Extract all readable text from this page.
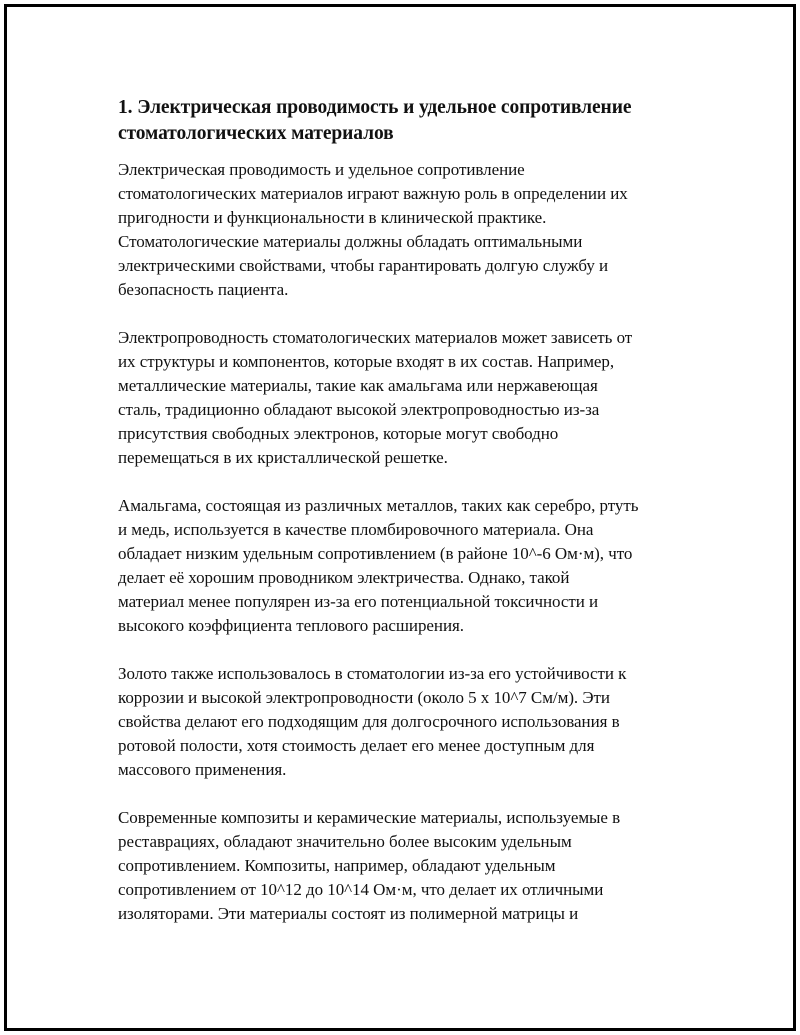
1. Электрическая проводимость и удельное сопротивление
стоматологических материалов

Электрическая проводимость и удельное сопротивление
стоматологических материалов играют важную роль в определении их
пригодности и функциональности в клинической практике.
Стоматологические материалы должны обладать оптимальными
электрическими свойствами, чтобы гарантировать долгую службу и
безопасность пациента.

Электропроводность стоматологических материалов может зависеть от
их структуры и компонентов, которые входят в их состав. Например,
металлические материалы, такие как амальгама или нержавеющая
сталь, традиционно обладают высокой электропроводностью из-за
присутствия свободных электронов, которые могут свободно
перемещаться в их кристаллической решетке.

Амальгама, состоящая из различных металлов, таких как серебро, ртуть
и медь, используется в качестве пломбировочного материала. Она
обладает низким удельным сопротивлением (в районе 10^-6 Ом·м), что
делает её хорошим проводником электричества. Однако, такой
материал менее популярен из-за его потенциальной токсичности и
высокого коэффициента теплового расширения.

Золото также использовалось в стоматологии из-за его устойчивости к
коррозии и высокой электропроводности (около 5 x 10^7 См/м). Эти
свойства делают его подходящим для долгосрочного использования в
ротовой полости, хотя стоимость делает его менее доступным для
массового применения.

Современные композиты и керамические материалы, используемые в
реставрациях, обладают значительно более высоким удельным
сопротивлением. Композиты, например, обладают удельным
сопротивлением от 10^12 до 10^14 Ом·м, что делает их отличными
изоляторами. Эти материалы состоят из полимерной матрицы и
